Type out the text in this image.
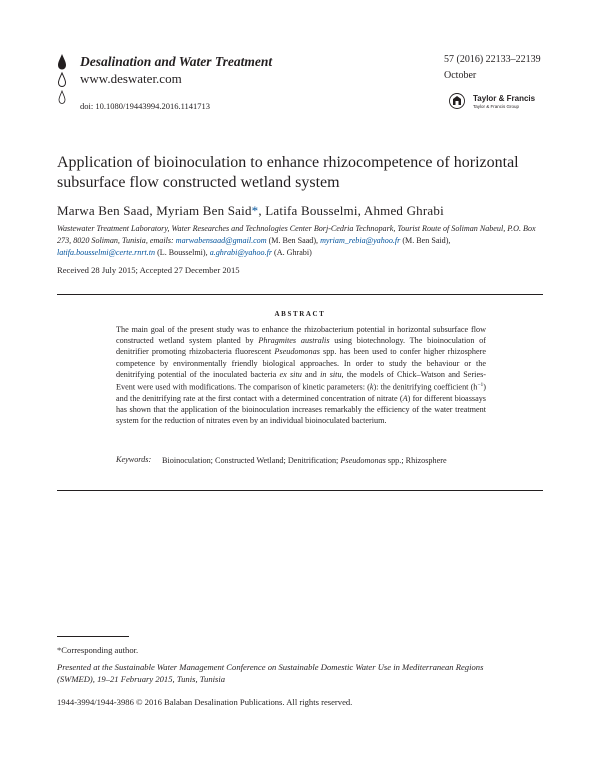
Desalination and Water Treatment
www.deswater.com
doi: 10.1080/19443994.2016.1141713
57 (2016) 22133–22139
October
Taylor & Francis
Taylor & Francis Group
Application of bioinoculation to enhance rhizocompetence of horizontal subsurface flow constructed wetland system
Marwa Ben Saad, Myriam Ben Said*, Latifa Bousselmi, Ahmed Ghrabi
Wastewater Treatment Laboratory, Water Researches and Technologies Center Borj-Cedria Technopark, Tourist Route of Soliman Nabeul, P.O. Box 273, 8020 Soliman, Tunisia, emails: marwabensaad@gmail.com (M. Ben Saad), myriam_rebia@yahoo.fr (M. Ben Said), latifa.bousselmi@certe.rnrt.tn (L. Bousselmi), a.ghrabi@yahoo.fr (A. Ghrabi)
Received 28 July 2015; Accepted 27 December 2015
ABSTRACT
The main goal of the present study was to enhance the rhizobacterium potential in horizontal subsurface flow constructed wetland system planted by Phragmites australis using biotechnology. The bioinoculation of denitrifier promoting rhizobacteria fluorescent Pseudomonas spp. has been used to confer higher rhizosphere competence by environmentally friendly biological approaches. In order to study the behaviour or the denitrifying potential of the inoculated bacteria ex situ and in situ, the models of Chick–Watson and Series-Event were used with modifications. The comparison of kinetic parameters: (k): the denitrifying coefficient $(h^{-1})$ and the denitrifying rate at the first contact with a determined concentration of nitrate (A) for different bioassays has shown that the application of the bioinoculation increases remarkably the efficiency of the water treatment system for the reduction of nitrates even by an individual bioinoculated bacterium.
Keywords: Bioinoculation; Constructed Wetland; Denitrification; Pseudomonas spp.; Rhizosphere
*Corresponding author.
Presented at the Sustainable Water Management Conference on Sustainable Domestic Water Use in Mediterranean Regions (SWMED), 19–21 February 2015, Tunis, Tunisia
1944-3994/1944-3986 © 2016 Balaban Desalination Publications. All rights reserved.
